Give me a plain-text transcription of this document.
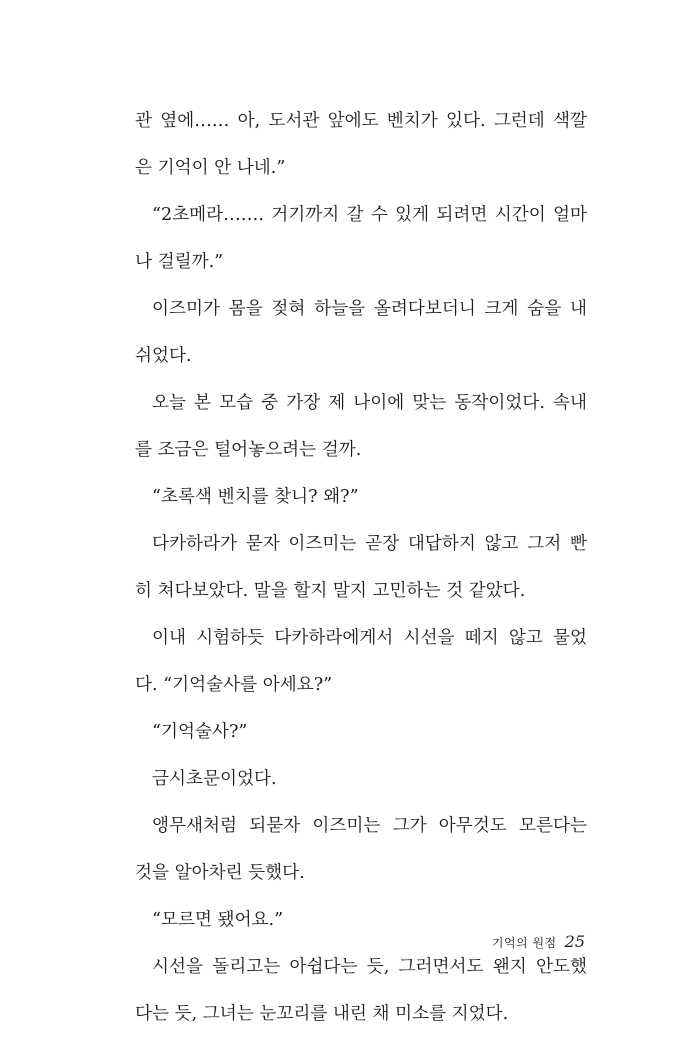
관 옆에…… 아, 도서관 앞에도 벤치가 있다. 그런데 색깔
은 기억이 안 나네.”
“2초메라……. 거기까지 갈 수 있게 되려면 시간이 얼마
나 걸릴까.”
이즈미가 몸을 젖혀 하늘을 올려다보더니 크게 숨을 내
쉬었다.
오늘 본 모습 중 가장 제 나이에 맞는 동작이었다. 속내
를 조금은 털어놓으려는 걸까.
“초록색 벤치를 찾니? 왜?”
다카하라가 묻자 이즈미는 곧장 대답하지 않고 그저 빤
히 쳐다보았다. 말을 할지 말지 고민하는 것 같았다.
이내 시험하듯 다카하라에게서 시선을 떼지 않고 물었
다. “기억술사를 아세요?”
“기억술사?”
금시초문이었다.
앵무새처럼 되묻자 이즈미는 그가 아무것도 모른다는
것을 알아차린 듯했다.
“모르면 됐어요.”
시선을 돌리고는 아쉽다는 듯, 그러면서도 왠지 안도했
다는 듯, 그녀는 눈꼬리를 내린 채 미소를 지었다.
기억의 원점 25
